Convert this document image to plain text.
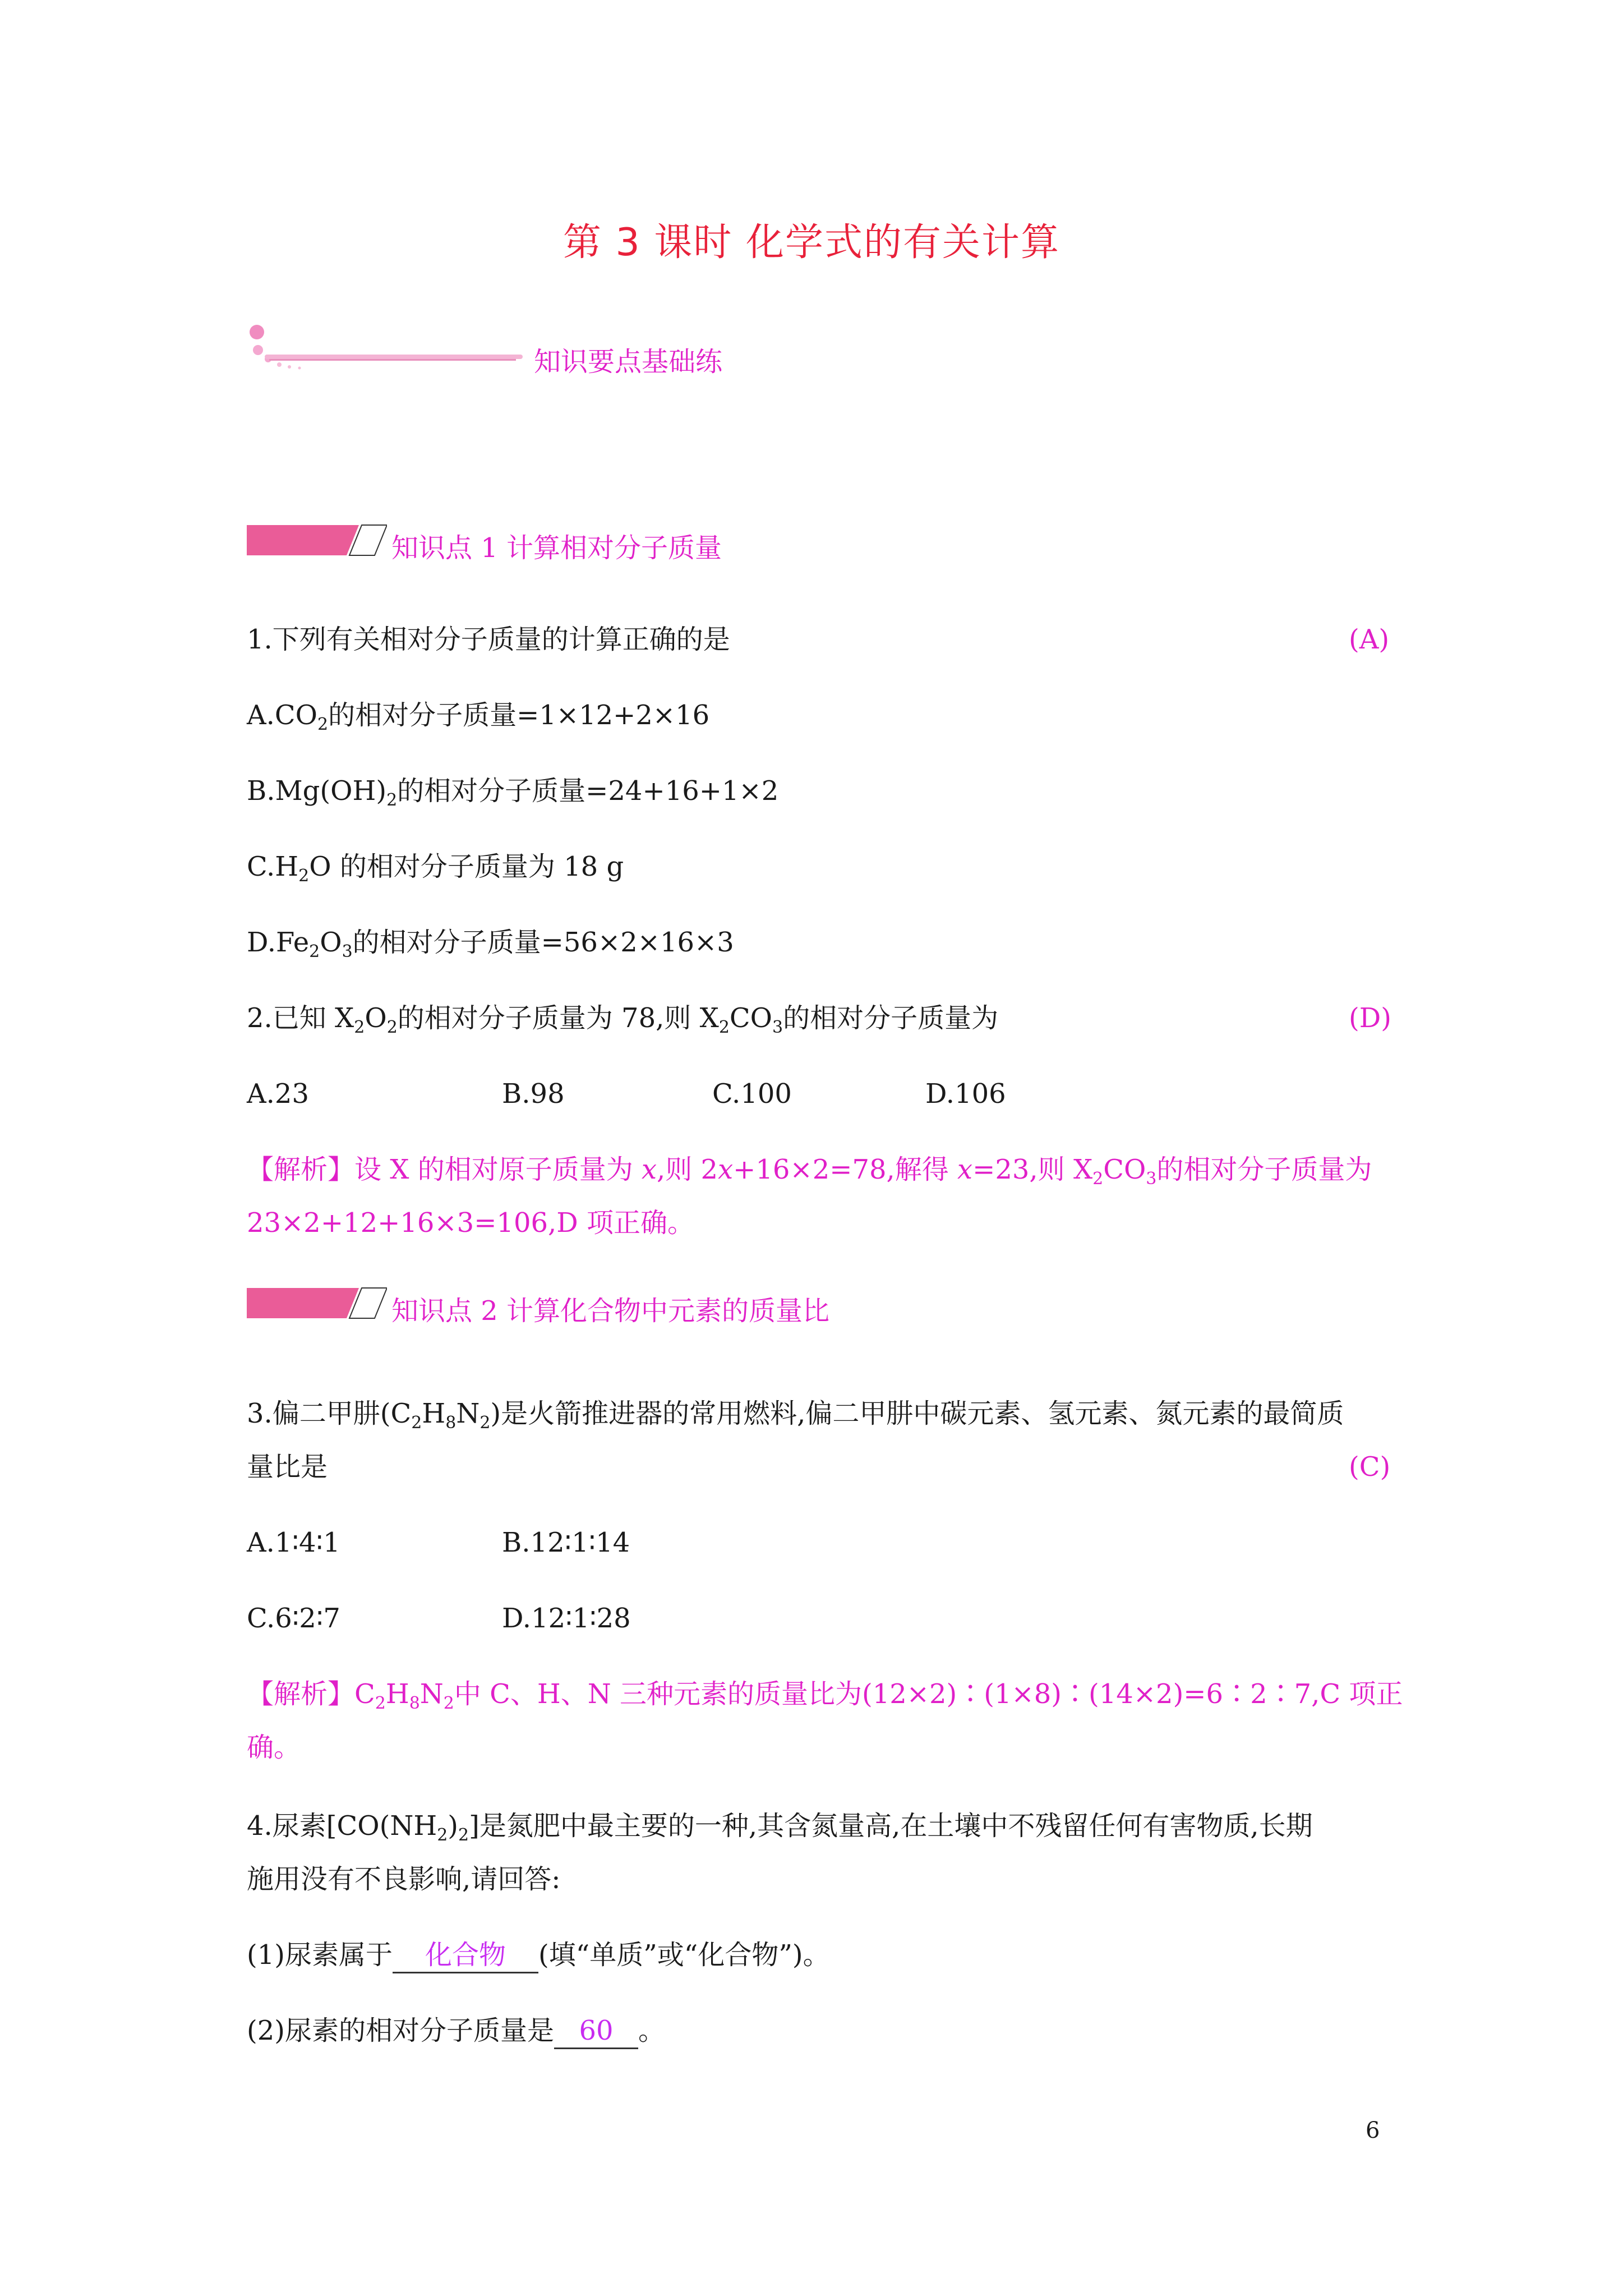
第 3 课时 化学式的有关计算
知识要点基础练
知识点 1 计算相对分子质量
1.下列有关相对分子质量的计算正确的是	(A)
$A.CO_2$的相对分子质量=1×12+2×16
$B.Mg(OH)_2$的相对分子质量=24+16+1×2
$C.H_2O$ 的相对分子质量为 18 g
$D.Fe_2O_3$的相对分子质量=56×2×16×3
2.已知 $X_2O_2$的相对分子质量为 78,则 $X_2CO_3$的相对分子质量为	(D)
A.23	B.98	C.100	D.106
【解析】设 X 的相对原子质量为 x,则 2x+16×2=78,解得 x=23,则 $X_2CO_3$的相对分子质量为
23×2+12+16×3=106,D 项正确。
知识点 2 计算化合物中元素的质量比
3.偏二甲肼$(C_2H_8N_2)$是火箭推进器的常用燃料,偏二甲肼中碳元素、氢元素、氮元素的最简质
量比是	(C)
A.1∶4∶1	B.12∶1∶14
C.6∶2∶7	D.12∶1∶28
【解析】$C_2H_8N_2$中 C、H、N 三种元素的质量比为(12×2)∶(1×8)∶(14×2)=6∶2∶7,C 项正
确。
4.尿素$[CO(NH_2)_2]$是氮肥中最主要的一种,其含氮量高,在土壤中不残留任何有害物质,长期
施用没有不良影响,请回答:
(1)尿素属于 化合物 (填“单质”或“化合物”)。
(2)尿素的相对分子质量是 60 。
6
